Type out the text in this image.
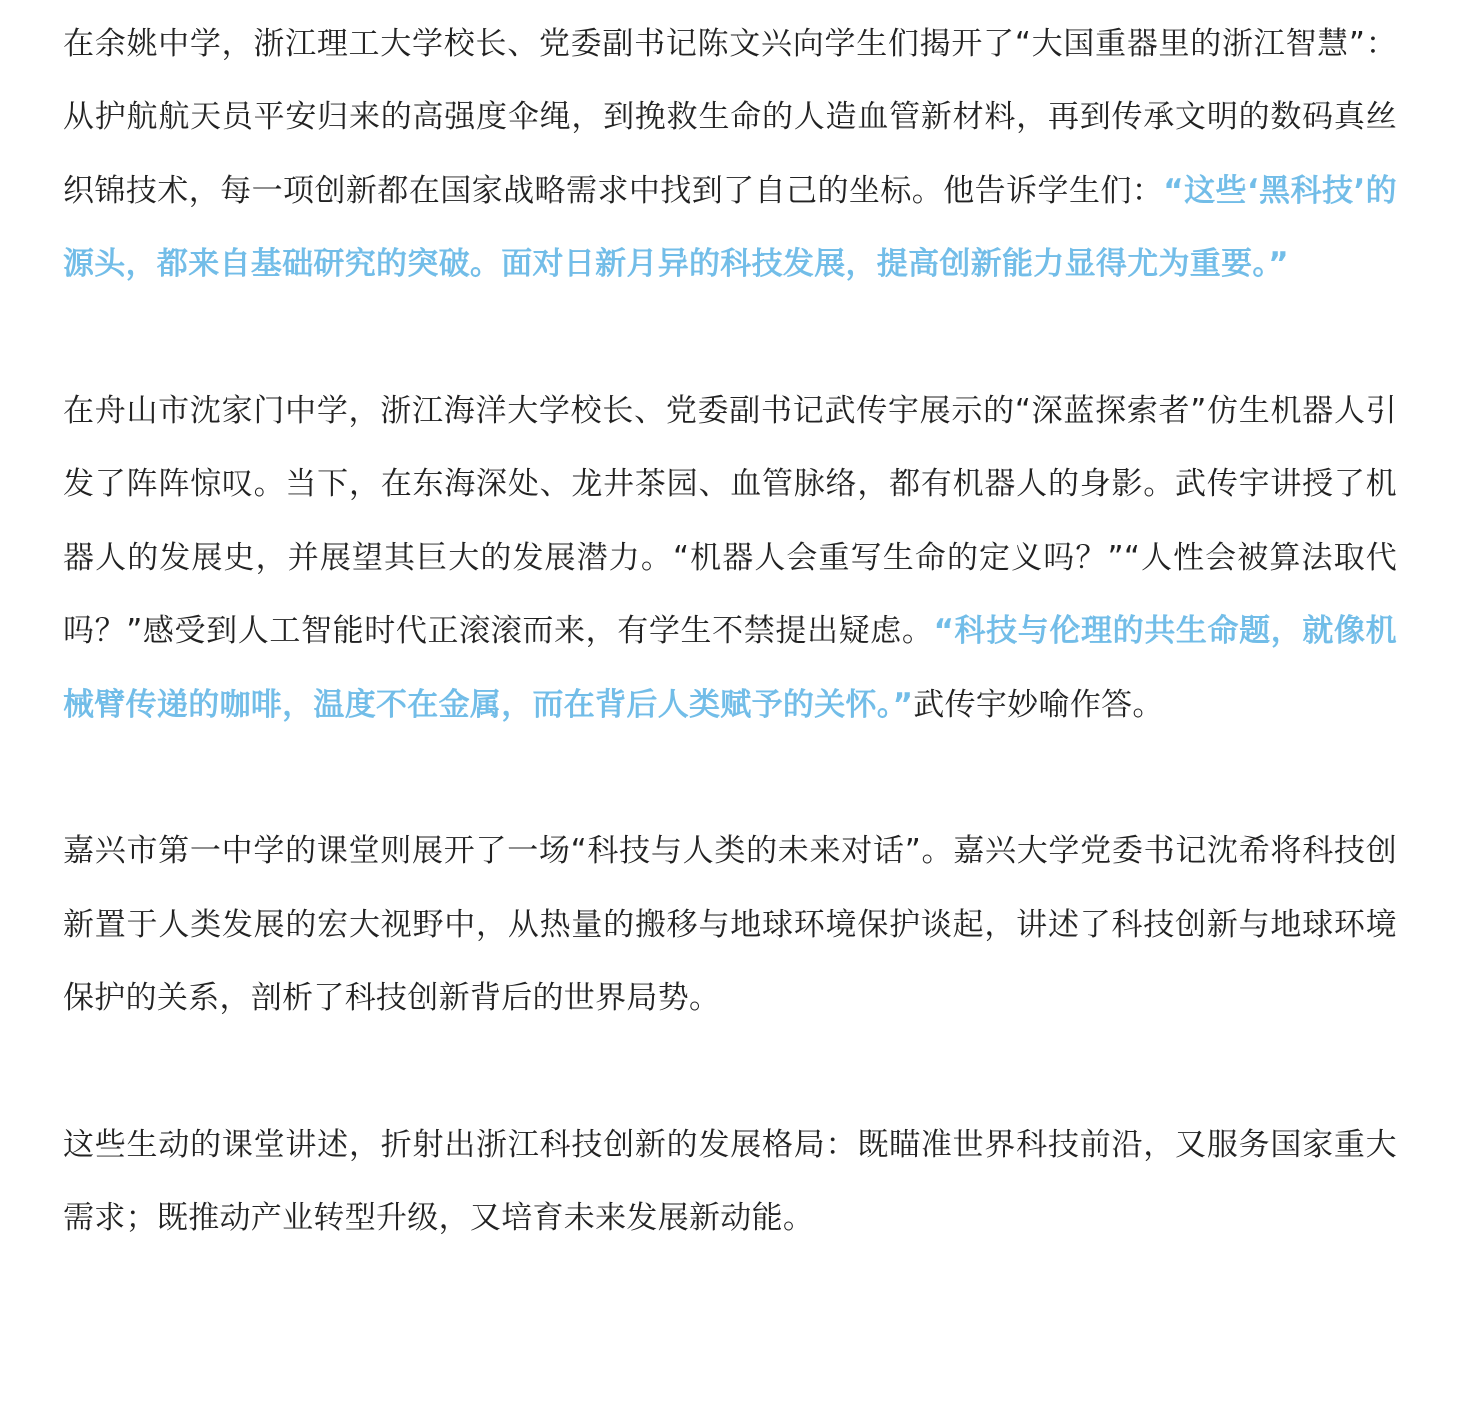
在余姚中学，浙江理工大学校长、党委副书记陈文兴向学生们揭开了“大国重器里的浙江智慧”：从护航航天员平安归来的高强度伞绳，到挽救生命的人造血管新材料，再到传承文明的数码真丝织锦技术，每一项创新都在国家战略需求中找到了自己的坐标。他告诉学生们：“这些‘黑科技’的源头，都来自基础研究的突破。面对日新月异的科技发展，提高创新能力显得尤为重要。”

在舟山市沈家门中学，浙江海洋大学校长、党委副书记武传宇展示的“深蓝探索者”仿生机器人引发了阵阵惊叹。当下，在东海深处、龙井茶园、血管脉络，都有机器人的身影。武传宇讲授了机器人的发展史，并展望其巨大的发展潜力。“机器人会重写生命的定义吗？”“人性会被算法取代吗？”感受到人工智能时代正滚滚而来，有学生不禁提出疑虑。“科技与伦理的共生命题，就像机械臂传递的咖啡，温度不在金属，而在背后人类赋予的关怀。”武传宇妙喻作答。

嘉兴市第一中学的课堂则展开了一场“科技与人类的未来对话”。嘉兴大学党委书记沈希将科技创新置于人类发展的宏大视野中，从热量的搬移与地球环境保护谈起，讲述了科技创新与地球环境保护的关系，剖析了科技创新背后的世界局势。

这些生动的课堂讲述，折射出浙江科技创新的发展格局：既瞄准世界科技前沿，又服务国家重大需求；既推动产业转型升级，又培育未来发展新动能。
